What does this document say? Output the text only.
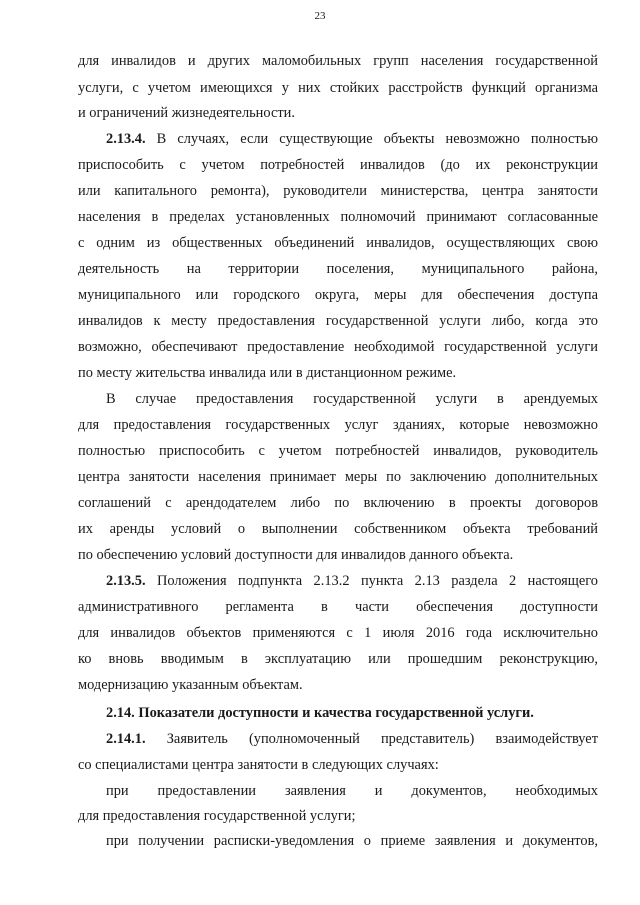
23
для инвалидов и других маломобильных групп населения государственной
услуги, с учетом имеющихся у них стойких расстройств функций организма
и ограничений жизнедеятельности.
2.13.4. В случаях, если существующие объекты невозможно полностью
приспособить с учетом потребностей инвалидов (до их реконструкции
или капитального ремонта), руководители министерства, центра занятости
населения в пределах установленных полномочий принимают согласованные
с одним из общественных объединений инвалидов, осуществляющих свою
деятельность на территории поселения, муниципального района,
муниципального или городского округа, меры для обеспечения доступа
инвалидов к месту предоставления государственной услуги либо, когда это
возможно, обеспечивают предоставление необходимой государственной услуги
по месту жительства инвалида или в дистанционном режиме.
В случае предоставления государственной услуги в арендуемых
для предоставления государственных услуг зданиях, которые невозможно
полностью приспособить с учетом потребностей инвалидов, руководитель
центра занятости населения принимает меры по заключению дополнительных
соглашений с арендодателем либо по включению в проекты договоров
их аренды условий о выполнении собственником объекта требований
по обеспечению условий доступности для инвалидов данного объекта.
2.13.5. Положения подпункта 2.13.2 пункта 2.13 раздела 2 настоящего
административного регламента в части обеспечения доступности
для инвалидов объектов применяются с 1 июля 2016 года исключительно
ко вновь вводимым в эксплуатацию или прошедшим реконструкцию,
модернизацию указанным объектам.
2.14. Показатели доступности и качества государственной услуги.
2.14.1. Заявитель (уполномоченный представитель) взаимодействует
со специалистами центра занятости в следующих случаях:
при предоставлении заявления и документов, необходимых
для предоставления государственной услуги;
при получении расписки-уведомления о приеме заявления и документов,
